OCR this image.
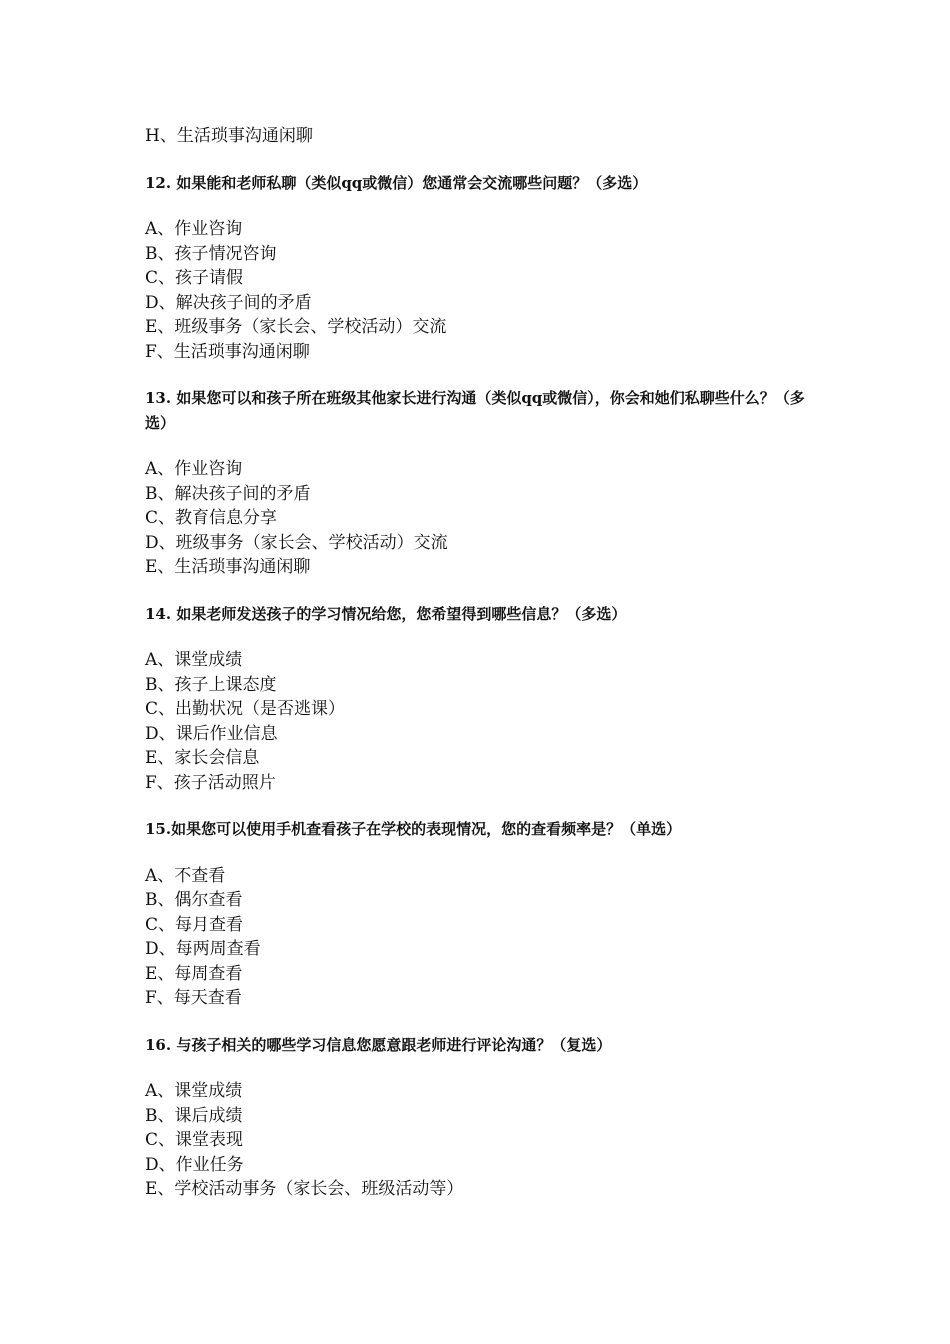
H、生活琐事沟通闲聊
12. 如果能和老师私聊（类似qq或微信）您通常会交流哪些问题？（多选）
A、作业咨询
B、孩子情况咨询
C、孩子请假
D、解决孩子间的矛盾
E、班级事务（家长会、学校活动）交流
F、生活琐事沟通闲聊
13. 如果您可以和孩子所在班级其他家长进行沟通（类似qq或微信），你会和她们私聊些什么？（多选）
A、作业咨询
B、解决孩子间的矛盾
C、教育信息分享
D、班级事务（家长会、学校活动）交流
E、生活琐事沟通闲聊
14. 如果老师发送孩子的学习情况给您，您希望得到哪些信息？（多选）
A、课堂成绩
B、孩子上课态度
C、出勤状况（是否逃课）
D、课后作业信息
E、家长会信息
F、孩子活动照片
15.如果您可以使用手机查看孩子在学校的表现情况，您的查看频率是？（单选）
A、不查看
B、偶尔查看
C、每月查看
D、每两周查看
E、每周查看
F、每天查看
16. 与孩子相关的哪些学习信息您愿意跟老师进行评论沟通？（复选）
A、课堂成绩
B、课后成绩
C、课堂表现
D、作业任务
E、学校活动事务（家长会、班级活动等）
